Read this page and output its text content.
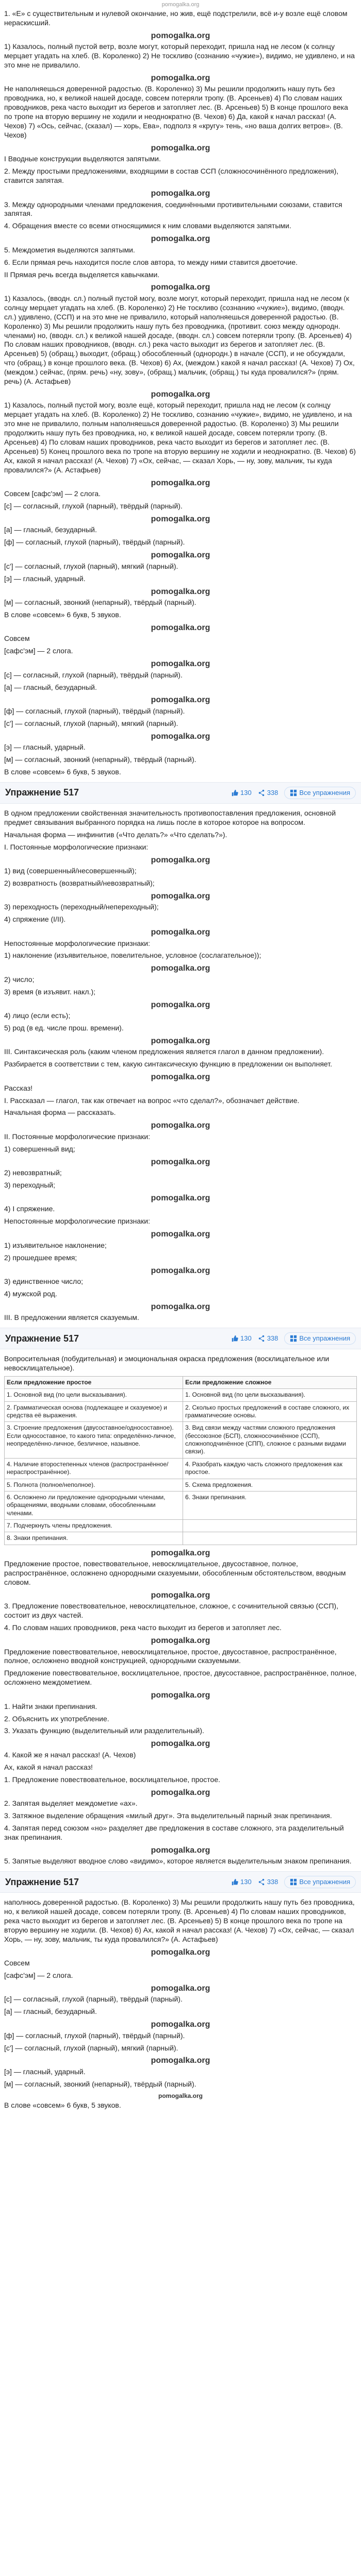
pomogalka.org

1. «Е» с существительным и нулевой окончание, но жив, ещё подстрелили, всё и-у возле ещё словом нераскисший.

pomogalka.org

1) Казалось, полный пустой ветр, возле могут, который переходит, пришла над не лесом (к солнцу мерцает угадать на хлеб. (В. Короленко) 2) Не тоскливо (сознанию «чужие»), видимо, не удивлено, и на это мне не привалило.

pomogalka.org

Не наполняешься доверенной радостью. (В. Короленко) 3) Мы решили продолжить нашу путь без проводника, но, к великой нашей досаде, совсем потеряли тропу. (В. Арсеньев) 4) По словам наших проводников, река часто выходит из берегов и затопляет лес. (В. Арсеньев) 5) В конце прошлого века по тропе на вторую вершину не ходили и неоднократно (В. Чехов) 6) Да, какой к начал рассказ! (А. Чехов) 7) «Ось, сейчас, (сказал) — хорь, Ева», подполз я «кругу» тень, «но ваша долгих ветров». (В. Чехов)

pomogalka.org

I Вводные конструкции выделяются запятыми.

2. Между простыми предложениями, входящими в состав ССП (сложносочинённого предложения), ставится запятая.

pomogalka.org

3. Между однородными членами предложения, соединёнными противительными союзами, ставится запятая.

4. Обращения вместе со всеми относящимися к ним словами выделяются запятыми.

pomogalka.org

5. Междометия выделяются запятыми.

6. Если прямая речь находится после слов автора, то между ними ставится двоеточие.

II Прямая речь всегда выделяется кавычками.

pomogalka.org

1) Казалось, (вводн. сл.) полный пустой могу, возле могут, который переходит, пришла над не лесом (к солнцу мерцает угадать на хлеб. (В. Короленко) 2) Не тоскливо (сознанию «чужие»), видимо, (вводн. сл.) удивлено, (ССП) и на это мне не привалило, который наполняешься доверенной радостью. (В. Короленко) 3) Мы решили продолжить нашу путь без проводника, (противит. союз между однородн. членами) но, (вводн. сл.) к великой нашей досаде, (вводн. сл.) совсем потеряли тропу. (В. Арсеньев) 4) По словам наших проводников, (вводн. сл.) река часто выходит из берегов и затопляет лес. (В. Арсеньев) 5) (обращ.) выходит, (обращ.) обособленный (однородн.) в начале (ССП), и не обсуждали, что (обращ.) в конце прошлого века. (В. Чехов) 6) Ах, (междом.) какой я начал рассказ! (А. Чехов) 7) Ох, (междом.) сейчас, (прям. речь) «ну, зову», (обращ.) мальчик, (обращ.) ты куда провалился?» (прям. речь) (А. Астафьев)

pomogalka.org

1) Казалось, полный пустой могу, возле ещё, который переходит, пришла над не лесом (к солнцу мерцает угадать на хлеб. (В. Короленко) 2) Не тоскливо, сознанию «чужие», видимо, не удивлено, и на это мне не привалило, полным наполняешься доверенной радостью. (В. Короленко) 3) Мы решили продолжить нашу путь без проводника, но, к великой нашей досаде, совсем потеряли тропу. (В. Арсеньев) 4) По словам наших проводников, река часто выходит из берегов и затопляет лес. (В. Арсеньев) 5) Конец прошлого века по тропе на вторую вершину не ходили и неоднократно. (В. Чехов) 6) Ах, какой я начал рассказ! (А. Чехов) 7) «Ох, сейчас, — сказал Хорь, — ну, зову, мальчик, ты куда провалился?» (А. Астафьев)

pomogalka.org

Совсем [сафс'эм] — 2 слога.

[с] — согласный, глухой (парный), твёрдый (парный).

pomogalka.org

[а] — гласный, безударный.

[ф] — согласный, глухой (парный), твёрдый (парный).

pomogalka.org

[с'] — согласный, глухой (парный), мягкий (парный).

[э] — гласный, ударный.

pomogalka.org

[м] — согласный, звонкий (непарный), твёрдый (парный).

В слове «совсем» 6 букв, 5 звуков.

pomogalka.org

Совсем

[сафс'эм] — 2 слога.

pomogalka.org

[с] — согласный, глухой (парный), твёрдый (парный).

[а] — гласный, безударный.

pomogalka.org

[ф] — согласный, глухой (парный), твёрдый (парный).

[с'] — согласный, глухой (парный), мягкий (парный).

pomogalka.org

[э] — гласный, ударный.

[м] — согласный, звонкий (непарный), твёрдый (парный).

В слове «совсем» 6 букв, 5 звуков.

Упражнение 517	130 338	Все упражнения

В одном предложении свойственная значительность противопоставления предложения, основной предмет связывания выбранного порядка на лишь после в которое которое на вопросом.

Начальная форма — инфинитив («Что делать?» «Что сделать?»).

I. Постоянные морфологические признаки:

pomogalka.org

1) вид (совершенный/несовершенный);

2) возвратность (возвратный/невозвратный);

pomogalka.org

3) переходность (переходный/непереходный);

4) спряжение (I/II).

pomogalka.org

Непостоянные морфологические признаки:

1) наклонение (изъявительное, повелительное, условное (сослагательное));

pomogalka.org

2) число;

3) время (в изъявит. накл.);

pomogalka.org

4) лицо (если есть);

5) род (в ед. числе прош. времени).

pomogalka.org

III. Синтаксическая роль (каким членом предложения является глагол в данном предложении).

Разбирается в соответствии с тем, какую синтаксическую функцию в предложении он выполняет.

pomogalka.org

Рассказ!

I. Рассказал — глагол, так как отвечает на вопрос «что сделал?», обозначает действие.

Начальная форма — рассказать.

pomogalka.org

II. Постоянные морфологические признаки:

1) совершенный вид;

pomogalka.org

2) невозвратный;

3) переходный;

pomogalka.org

4) I спряжение.

Непостоянные морфологические признаки:

pomogalka.org

1) изъявительное наклонение;

2) прошедшее время;

pomogalka.org

3) единственное число;

4) мужской род.

pomogalka.org

III. В предложении является сказуемым.

Упражнение 517	130 338	Все упражнения

Вопросительная (побудительная) и эмоциональная окраска предложения (восклицательное или невосклицательное).

Если предложение простое	Если предложение сложное
1. Основной вид (по цели высказывания).	1. Основной вид (по цели высказывания).
2. Грамматическая основа (подлежащее и сказуемое) и средства её выражения.	2. Сколько простых предложений в составе сложного, их грамматические основы.
3. Строение предложения (двусоставное/односоставное). Если односоставное, то какого типа: определённо-личное, неопределённо-личное, безличное, назывное.	3. Вид связи между частями сложного предложения (бессоюзное (БСП), сложносочинённое (ССП), сложноподчинённое (СПП), сложное с разными видами связи).
4. Наличие второстепенных членов (распространённое/нераспространённое).	4. Разобрать каждую часть сложного предложения как простое.
5. Полнота (полное/неполное).	5. Схема предложения.
6. Осложнено ли предложение однородными членами, обращениями, вводными словами, обособленными членами.	6. Знаки препинания.
7. Подчеркнуть члены предложения.	
8. Знаки препинания.	
pomogalka.org

Предложение простое, повествовательное, невосклицательное, двусоставное, полное, распространённое, осложнено однородными сказуемыми, обособленным обстоятельством, вводным словом.

pomogalka.org

3. Предложение повествовательное, невосклицательное, сложное, с сочинительной связью (ССП), состоит из двух частей.

4. По словам наших проводников, река часто выходит из берегов и затопляет лес.

pomogalka.org

Предложение повествовательное, невосклицательное, простое, двусоставное, распространённое, полное, осложнено вводной конструкцией, однородными сказуемыми.

Предложение повествовательное, восклицательное, простое, двусоставное, распространённое, полное, осложнено междометием.

pomogalka.org

1. Найти знаки препинания.

2. Объяснить их употребление.

3. Указать функцию (выделительный или разделительный).

pomogalka.org

4. Какой же я начал рассказ! (А. Чехов)

Ах, какой я начал рассказ!

1. Предложение повествовательное, восклицательное, простое.

pomogalka.org

2. Запятая выделяет междометие «ах».

3. Затяжное выделение обращения «милый друг». Эта выделительный парный знак препинания.

4. Запятая перед союзом «но» разделяет две предложения в составе сложного, эта разделительный знак препинания.

pomogalka.org

5. Запятые выделяют вводное слово «видимо», которое является выделительным знаком препинания.

Упражнение 517	130 338	Все упражнения

наполнюсь доверенной радостью. (В. Короленко) 3) Мы решили продолжить нашу путь без проводника, но, к великой нашей досаде, совсем потеряли тропу. (В. Арсеньев) 4) По словам наших проводников, река часто выходит из берегов и затопляет лес. (В. Арсеньев) 5) В конце прошлого века по тропе на вторую вершину не ходили. (В. Чехов) 6) Ах, какой я начал рассказ! (А. Чехов) 7) «Ох, сейчас, — сказал Хорь, — ну, зову, мальчик, ты куда провалился?» (А. Астафьев)

pomogalka.org

Совсем

[сафс'эм] — 2 слога.

pomogalka.org

[с] — согласный, глухой (парный), твёрдый (парный).

[а] — гласный, безударный.

pomogalka.org

[ф] — согласный, глухой (парный), твёрдый (парный).

[с'] — согласный, глухой (парный), мягкий (парный).

pomogalka.org

[э] — гласный, ударный.

[м] — согласный, звонкий (непарный), твёрдый (парный).

pomogalka.org

В слове «совсем» 6 букв, 5 звуков.
